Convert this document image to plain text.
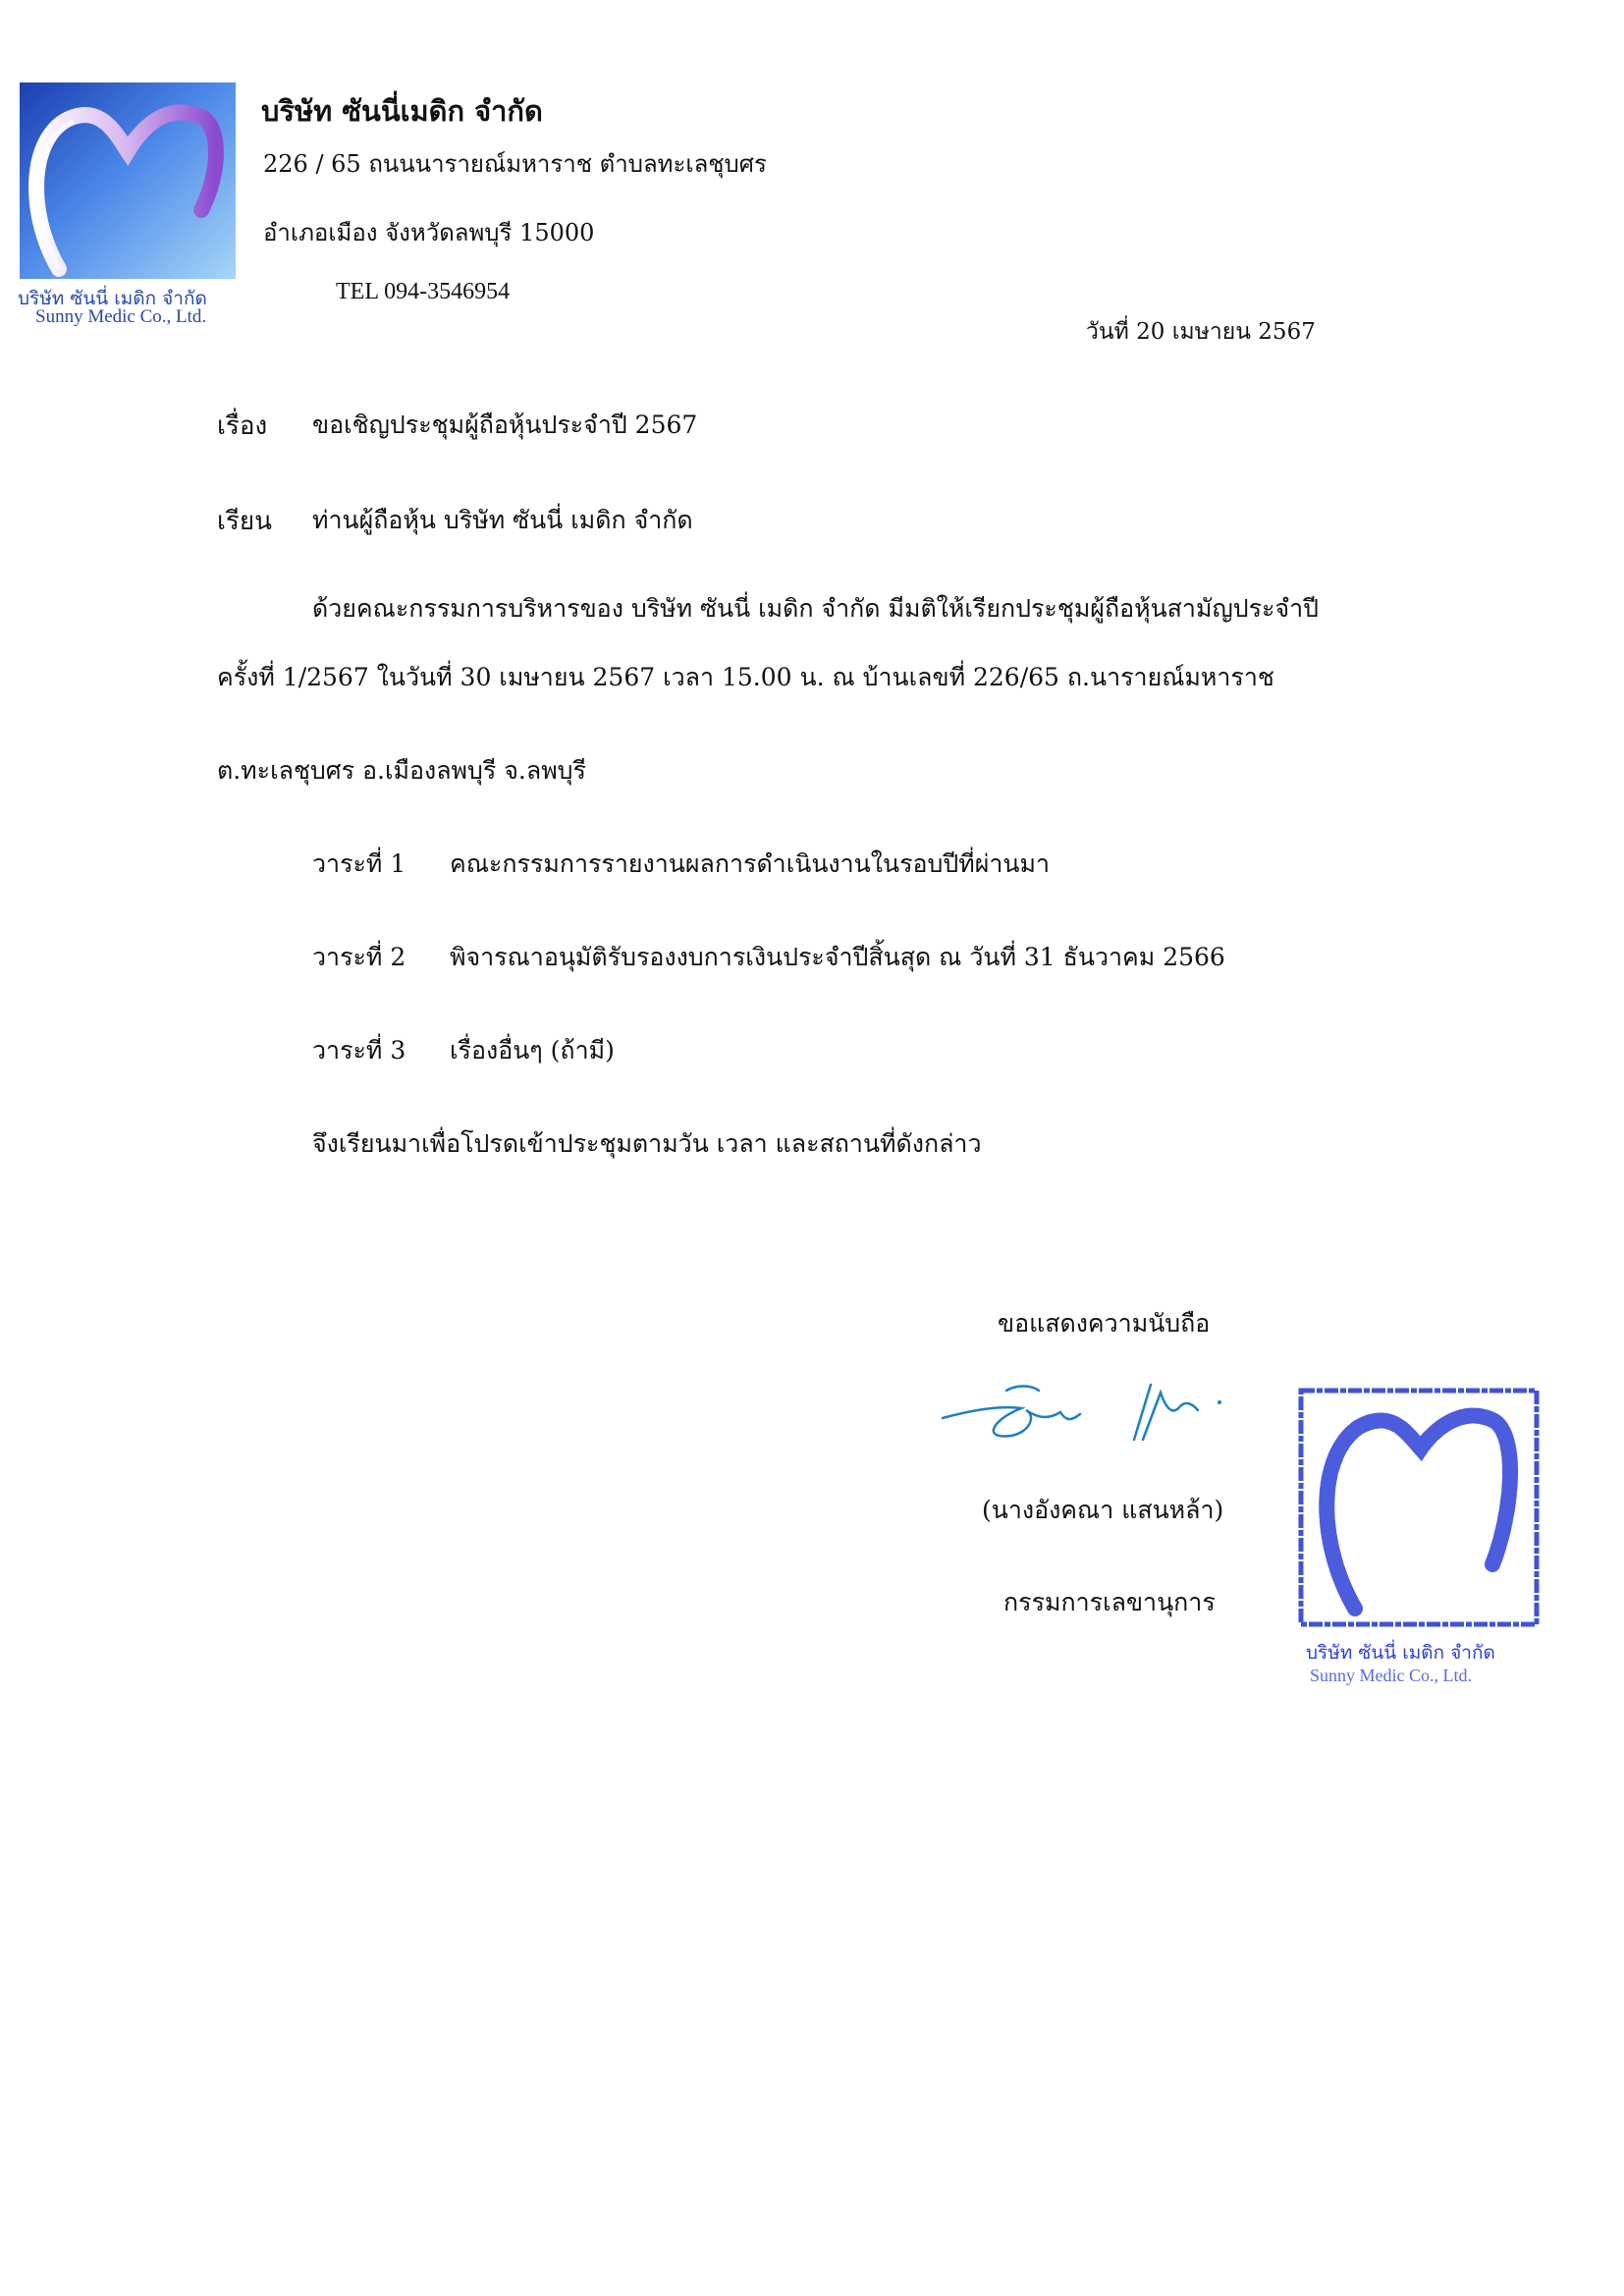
บริษัท ซันนี่ เมดิก จำกัด
Sunny Medic Co., Ltd.
บริษัท ซันนี่เมดิก จำกัด
226 / 65 ถนนนารายณ์มหาราช ตำบลทะเลชุบศร
อำเภอเมือง จังหวัดลพบุรี 15000
TEL 094-3546954
วันที่ 20 เมษายน 2567
เรื่อง ขอเชิญประชุมผู้ถือหุ้นประจำปี 2567
เรียน ท่านผู้ถือหุ้น บริษัท ซันนี่ เมดิก จำกัด
ด้วยคณะกรรมการบริหารของ บริษัท ซันนี่ เมดิก จำกัด มีมติให้เรียกประชุมผู้ถือหุ้นสามัญประจำปี
ครั้งที่ 1/2567 ในวันที่ 30 เมษายน 2567 เวลา 15.00 น. ณ บ้านเลขที่ 226/65 ถ.นารายณ์มหาราช
ต.ทะเลชุบศร อ.เมืองลพบุรี จ.ลพบุรี
วาระที่ 1 คณะกรรมการรายงานผลการดำเนินงานในรอบปีที่ผ่านมา
วาระที่ 2 พิจารณาอนุมัติรับรองงบการเงินประจำปีสิ้นสุด ณ วันที่ 31 ธันวาคม 2566
วาระที่ 3 เรื่องอื่นๆ (ถ้ามี)
จึงเรียนมาเพื่อโปรดเข้าประชุมตามวัน เวลา และสถานที่ดังกล่าว
ขอแสดงความนับถือ
(นางอังคณา แสนหล้า)
กรรมการเลขานุการ
บริษัท ซันนี่ เมดิก จำกัด
Sunny Medic Co., Ltd.
